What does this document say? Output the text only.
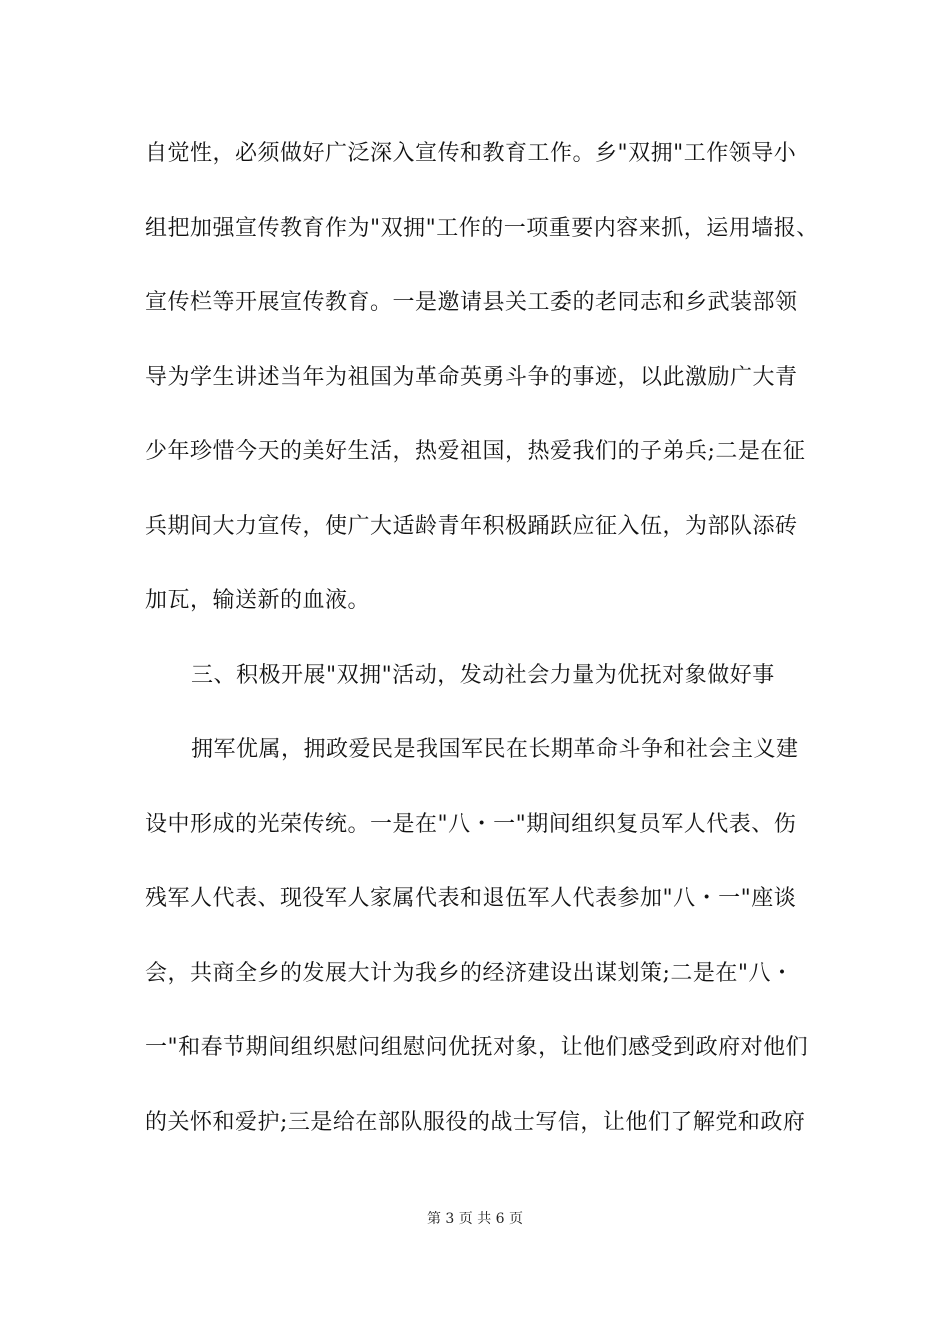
自觉性，必须做好广泛深入宣传和教育工作。乡"双拥"工作领导小
组把加强宣传教育作为"双拥"工作的一项重要内容来抓，运用墙报、
宣传栏等开展宣传教育。一是邀请县关工委的老同志和乡武装部领
导为学生讲述当年为祖国为革命英勇斗争的事迹，以此激励广大青
少年珍惜今天的美好生活，热爱祖国，热爱我们的子弟兵;二是在征
兵期间大力宣传，使广大适龄青年积极踊跃应征入伍，为部队添砖
加瓦，输送新的血液。
三、积极开展"双拥"活动，发动社会力量为优抚对象做好事
拥军优属，拥政爱民是我国军民在长期革命斗争和社会主义建
设中形成的光荣传统。一是在"八・一"期间组织复员军人代表、伤
残军人代表、现役军人家属代表和退伍军人代表参加"八・一"座谈
会，共商全乡的发展大计为我乡的经济建设出谋划策;二是在"八・
一"和春节期间组织慰问组慰问优抚对象，让他们感受到政府对他们
的关怀和爱护;三是给在部队服役的战士写信，让他们了解党和政府
第 3 页 共 6 页
